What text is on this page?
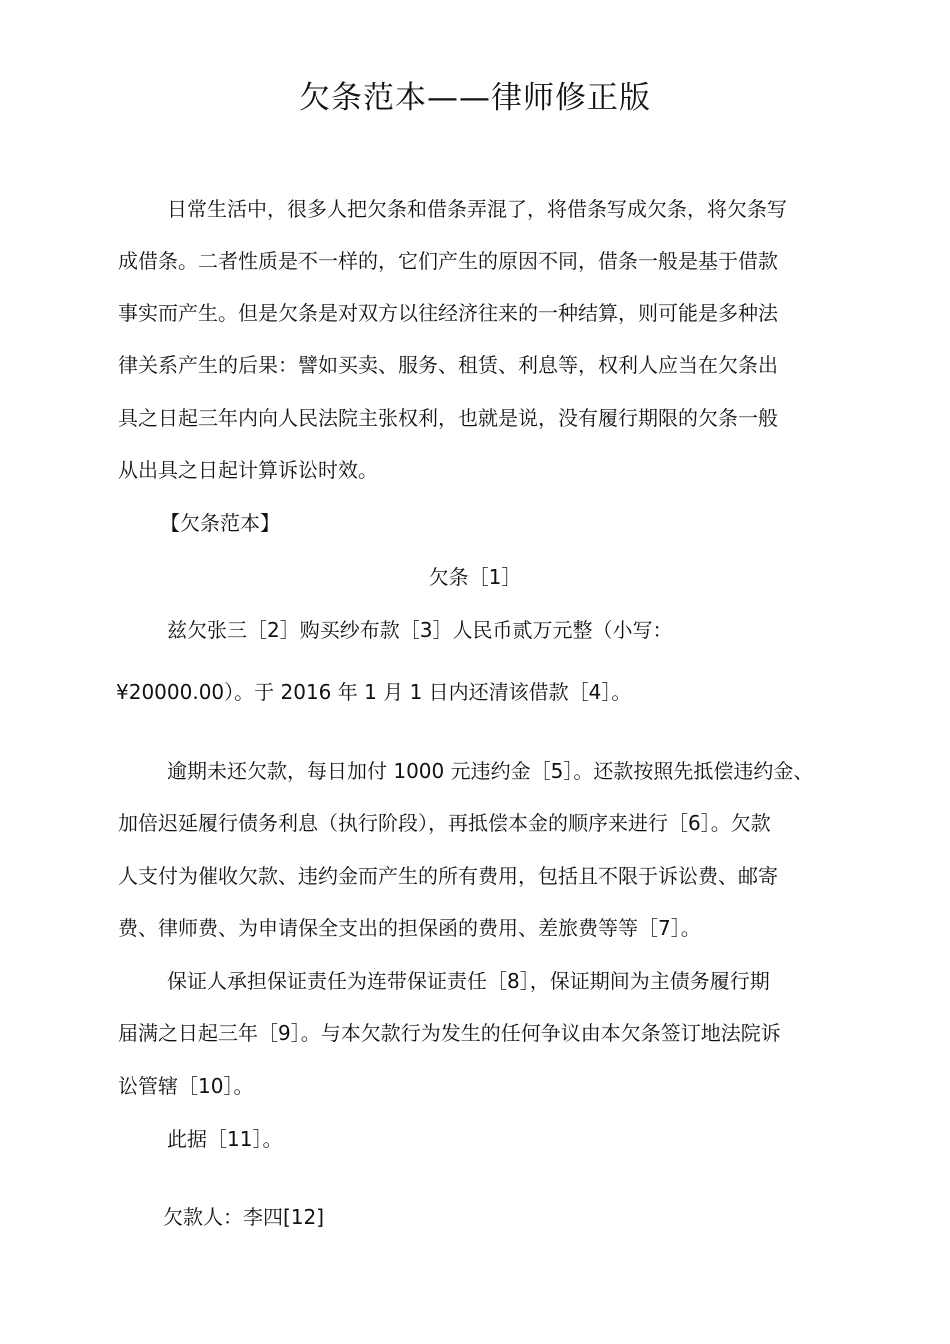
欠条范本——律师修正版

日常生活中，很多人把欠条和借条弄混了，将借条写成欠条，将欠条写

成借条。二者性质是不一样的，它们产生的原因不同，借条一般是基于借款

事实而产生。但是欠条是对双方以往经济往来的一种结算，则可能是多种法

律关系产生的后果：譬如买卖、服务、租赁、利息等，权利人应当在欠条出

具之日起三年内向人民法院主张权利，也就是说，没有履行期限的欠条一般

从出具之日起计算诉讼时效。

【欠条范本】

欠条［1］

兹欠张三［2］购买纱布款［3］人民币贰万元整（小写：

¥20000.00）。于 2016 年 1 月 1 日内还清该借款［4］。

逾期未还欠款，每日加付 1000 元违约金［5］。还款按照先抵偿违约金、

加倍迟延履行债务利息（执行阶段），再抵偿本金的顺序来进行［6］。欠款

人支付为催收欠款、违约金而产生的所有费用，包括且不限于诉讼费、邮寄

费、律师费、为申请保全支出的担保函的费用、差旅费等等［7］。

保证人承担保证责任为连带保证责任［8］，保证期间为主债务履行期

届满之日起三年［9］。与本欠款行为发生的任何争议由本欠条签订地法院诉

讼管辖［10］。

此据［11］。

欠款人：李四[12]
